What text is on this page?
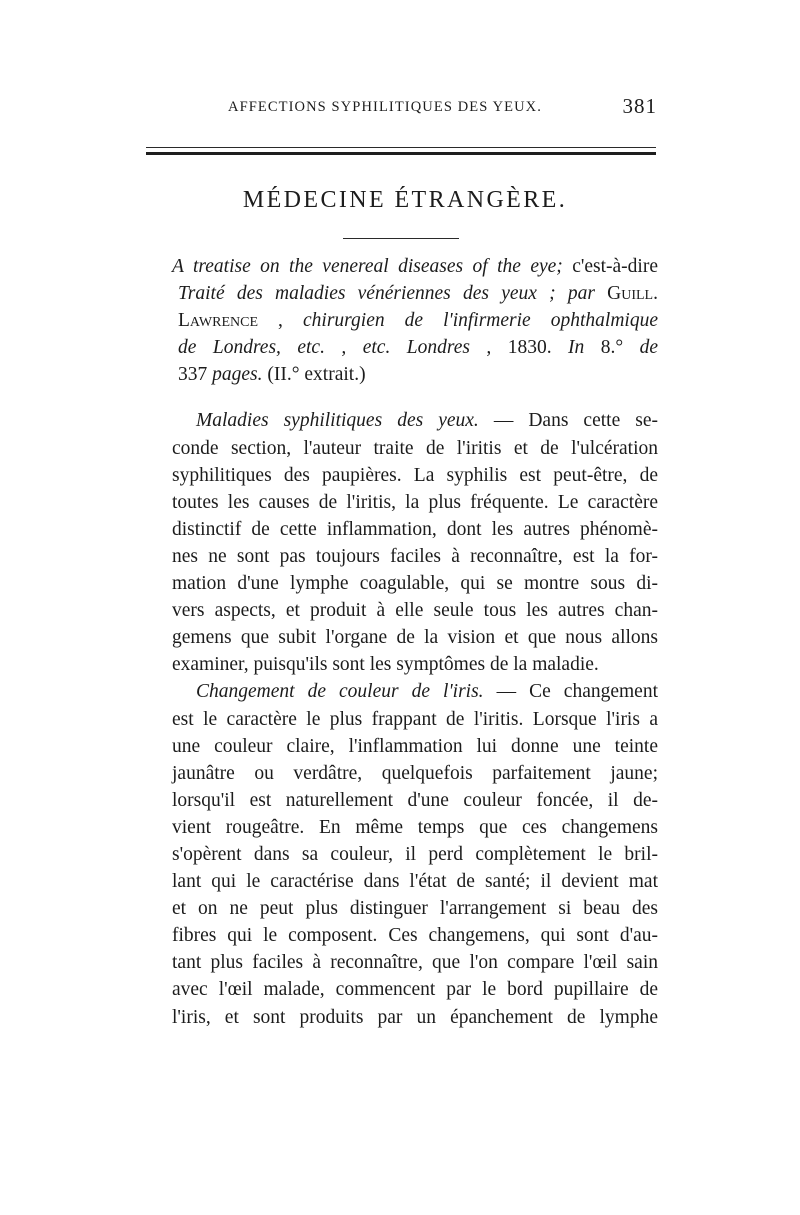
AFFECTIONS SYPHILITIQUES DES YEUX.	381
MÉDECINE ÉTRANGÈRE.
A treatise on the venereal diseases of the eye; c'est-à-dire
Traité des maladies vénériennes des yeux ; par Guill.
Lawrence , chirurgien de l'infirmerie ophthalmique
de Londres, etc. , etc. Londres , 1830. In 8.° de
337 pages. (II.° extrait.)
Maladies syphilitiques des yeux. — Dans cette se-
conde section, l'auteur traite de l'iritis et de l'ulcération
syphilitiques des paupières. La syphilis est peut-être, de
toutes les causes de l'iritis, la plus fréquente. Le caractère
distinctif de cette inflammation, dont les autres phénomè-
nes ne sont pas toujours faciles à reconnaître, est la for-
mation d'une lymphe coagulable, qui se montre sous di-
vers aspects, et produit à elle seule tous les autres chan-
gemens que subit l'organe de la vision et que nous allons
examiner, puisqu'ils sont les symptômes de la maladie.
Changement de couleur de l'iris. — Ce changement
est le caractère le plus frappant de l'iritis. Lorsque l'iris a
une couleur claire, l'inflammation lui donne une teinte
jaunâtre ou verdâtre, quelquefois parfaitement jaune;
lorsqu'il est naturellement d'une couleur foncée, il de-
vient rougeâtre. En même temps que ces changemens
s'opèrent dans sa couleur, il perd complètement le bril-
lant qui le caractérise dans l'état de santé; il devient mat
et on ne peut plus distinguer l'arrangement si beau des
fibres qui le composent. Ces changemens, qui sont d'au-
tant plus faciles à reconnaître, que l'on compare l'œil sain
avec l'œil malade, commencent par le bord pupillaire de
l'iris, et sont produits par un épanchement de lymphe
